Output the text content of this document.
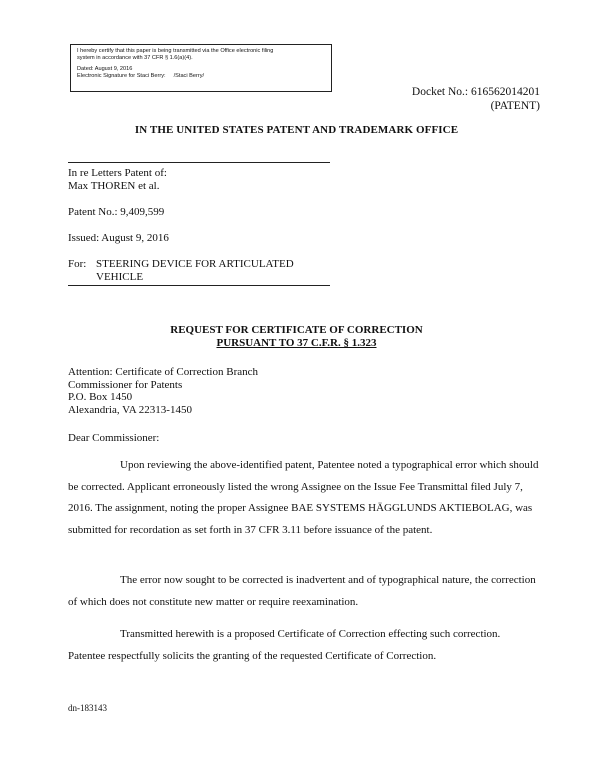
I hereby certify that this paper is being transmitted via the Office electronic filing
system in accordance with 37 CFR § 1.6(a)(4).
Dated: August 9, 2016
Electronic Signature for Staci Berry: /Staci Berry/
Docket No.: 616562014201
(PATENT)
IN THE UNITED STATES PATENT AND TRADEMARK OFFICE
In re Letters Patent of:
Max THOREN et al.
Patent No.: 9,409,599
Issued: August 9, 2016
For: STEERING DEVICE FOR ARTICULATED
VEHICLE
REQUEST FOR CERTIFICATE OF CORRECTION
PURSUANT TO 37 C.F.R. § 1.323
Attention: Certificate of Correction Branch
Commissioner for Patents
P.O. Box 1450
Alexandria, VA 22313-1450
Dear Commissioner:
Upon reviewing the above-identified patent, Patentee noted a typographical error which should be corrected. Applicant erroneously listed the wrong Assignee on the Issue Fee Transmittal filed July 7, 2016. The assignment, noting the proper Assignee BAE SYSTEMS HÄGGLUNDS AKTIEBOLAG, was submitted for recordation as set forth in 37 CFR 3.11 before issuance of the patent.
The error now sought to be corrected is inadvertent and of typographical nature, the correction of which does not constitute new matter or require reexamination.
Transmitted herewith is a proposed Certificate of Correction effecting such correction. Patentee respectfully solicits the granting of the requested Certificate of Correction.
dn-183143
